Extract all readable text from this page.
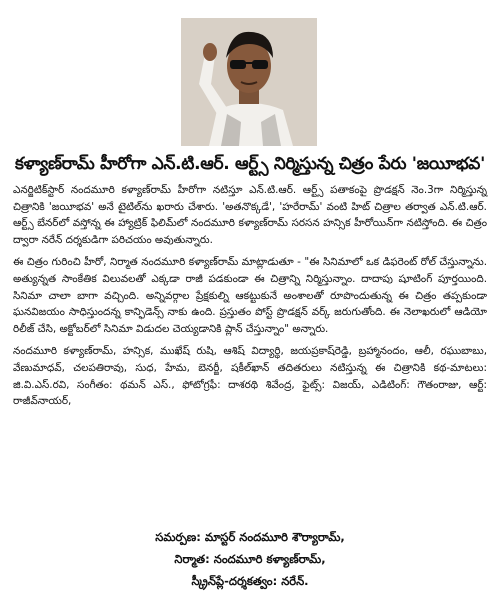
కళ్యాణ్‌రామ్ హీరోగా ఎన్.టి.ఆర్. ఆర్ట్స్ నిర్మిస్తున్న చిత్రం పేరు 'జయీభవ'

ఎనర్జిటిక్‌స్టార్ నందమూరి కళ్యాణ్‌రామ్ హీరోగా నటిస్తూ ఎన్.టి.ఆర్. ఆర్ట్స్ పతాకంపై ప్రొడక్షన్ నెం.3గా నిర్మిస్తున్న చిత్రానికి 'జయీభవ' అనే టైటిల్‌ను ఖరారు చేశారు. 'అతనొక్కడే', 'హరేరామ్' వంటి హిట్ చిత్రాల తర్వాత ఎన్.టి.ఆర్. ఆర్ట్స్ బేనర్‌లో వస్తోన్న ఈ హ్యాట్రిక్ ఫిలిమ్‌లో నందమూరి కళ్యాణ్‌రామ్ సరసన హన్సిక హీరోయిన్‌గా నటిస్తోంది. ఈ చిత్రం ద్వారా నరేన్ దర్శకుడిగా పరిచయం అవుతున్నారు.

ఈ చిత్రం గురించి హీరో, నిర్మాత నందమూరి కళ్యాణ్‌రామ్ మాట్లాడుతూ - "ఈ సినిమాలో ఒక డిఫరెంట్ రోల్ చేస్తున్నాను. అత్యున్నత సాంకేతిక విలువలతో ఎక్కడా రాజీ పడకుండా ఈ చిత్రాన్ని నిర్మిస్తున్నాం. దాదాపు షూటింగ్ పూర్తయింది. సినిమా చాలా బాగా వచ్చింది. అన్నివర్గాల ప్రేక్షకుల్ని ఆకట్టుకునే అంశాలతో రూపొందుతున్న ఈ చిత్రం తప్పకుండా ఘనవిజయం సాధిస్తుందన్న కాన్ఫిడెన్స్ నాకు ఉంది. ప్రస్తుతం పోస్ట్ ప్రొడక్షన్ వర్క్ జరుగుతోంది. ఈ నెలాఖరులో ఆడియో రిలీజ్ చేసి, అక్టోబర్‌లో సినిమా విడుదల చెయ్యడానికి ప్లాన్ చేస్తున్నాం" అన్నారు.

నందమూరి కళ్యాణ్‌రామ్, హన్సిక, ముఖేష్ రుషి, ఆశిష్ విద్యార్థి, జయప్రకాష్‌రెడ్డి, బ్రహ్మానందం, ఆలీ, రఘుబాబు, వేణుమాధవ్, చలపతిరావు, సుధ, హేమ, బెనర్జీ, షకీల్‌ఖాన్ తదితరులు నటిస్తున్న ఈ చిత్రానికి కథ-మాటలు: జి.వి.ఎస్.రవి, సంగీతం: థమన్ ఎస్., ఫోటోగ్రఫీ: దాశరథి శివేంద్ర, ఫైట్స్: విజయ్, ఎడిటింగ్: గౌతంరాజు, ఆర్ట్: రాజీవ్‌నాయర్,

సమర్పణ: మాస్టర్ నందమూరి శౌర్యారామ్,
నిర్మాత: నందమూరి కళ్యాణ్‌రామ్,
స్క్రీన్‌ప్లే-దర్శకత్వం: నరేన్.
